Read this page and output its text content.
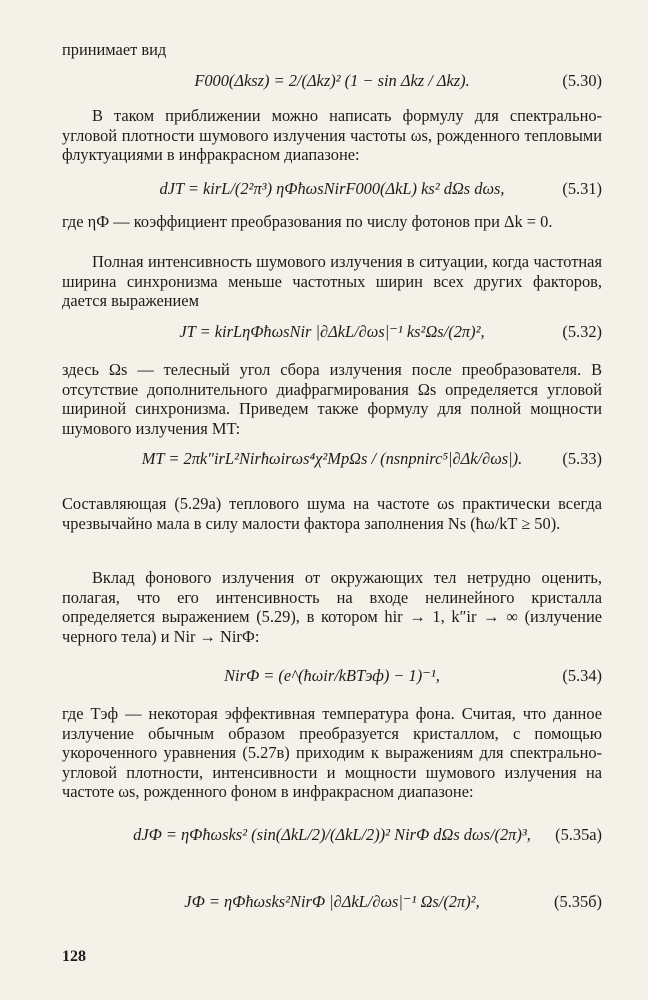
принимает вид
F000(Δksz) = 2/(Δkz)² (1 − sin Δkz / Δkz).	(5.30)
В таком приближении можно написать формулу для спектрально-угловой плотности шумового излучения частоты ωs, рожденного тепловыми флуктуациями в инфракрасном диапазоне:
dJT = kirL/(2²π³) ηФħωsNirF000(ΔkL) ks² dΩs dωs,	(5.31)
где ηФ — коэффициент преобразования по числу фотонов при Δk = 0.
Полная интенсивность шумового излучения в ситуации, когда частотная ширина синхронизма меньше частотных ширин всех других факторов, дается выражением
JT = kirLηФħωsNir |∂ΔkL/∂ωs|⁻¹ ks²Ωs/(2π)²,	(5.32)
здесь Ωs — телесный угол сбора излучения после преобразователя. В отсутствие дополнительного диафрагмирования Ωs определяется угловой шириной синхронизма. Приведем также формулу для полной мощности шумового излучения MT:
MT = 2πk″irL²Nirħωirωs⁴χ²MpΩs / (nsnpnirc⁵|∂Δk/∂ωs|).	(5.33)
Составляющая (5.29а) теплового шума на частоте ωs практически всегда чрезвычайно мала в силу малости фактора заполнения Ns (ħω/kT ≥ 50).
Вклад фонового излучения от окружающих тел нетрудно оценить, полагая, что его интенсивность на входе нелинейного кристалла определяется выражением (5.29), в котором hir → 1, k″ir → ∞ (излучение черного тела) и Nir → NirФ:
NirФ = (e^(ħωir/kBTэф) − 1)⁻¹,	(5.34)
где Tэф — некоторая эффективная температура фона. Считая, что данное излучение обычным образом преобразуется кристаллом, с помощью укороченного уравнения (5.27в) приходим к выражениям для спектрально-угловой плотности, интенсивности и мощности шумового излучения на частоте ωs, рожденного фоном в инфракрасном диапазоне:
dJФ = ηФħωsks² (sin(ΔkL/2)/(ΔkL/2))² NirФ dΩs dωs/(2π)³,	(5.35а)
JФ = ηФħωsks²NirФ |∂ΔkL/∂ωs|⁻¹ Ωs/(2π)²,	(5.35б)
128
